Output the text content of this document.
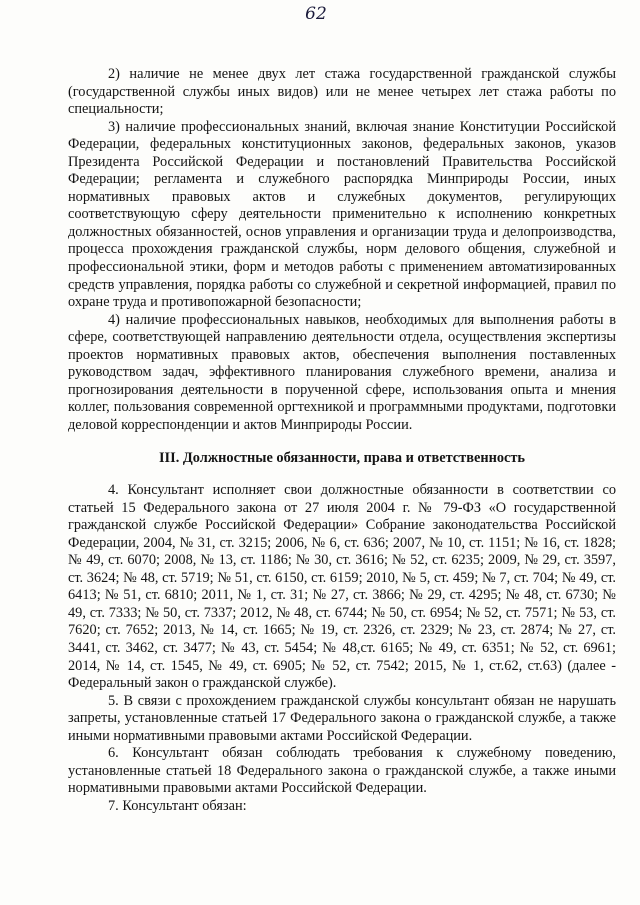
62

2) наличие не менее двух лет стажа государственной гражданской службы (государственной службы иных видов) или не менее четырех лет стажа работы по специальности;

3) наличие профессиональных знаний, включая знание Конституции Российской Федерации, федеральных конституционных законов, федеральных законов, указов Президента Российской Федерации и постановлений Правительства Российской Федерации; регламента и служебного распорядка Минприроды России, иных нормативных правовых актов и служебных документов, регулирующих соответствующую сферу деятельности применительно к исполнению конкретных должностных обязанностей, основ управления и организации труда и делопроизводства, процесса прохождения гражданской службы, норм делового общения, служебной и профессиональной этики, форм и методов работы с применением автоматизированных средств управления, порядка работы со служебной и секретной информацией, правил по охране труда и противопожарной безопасности;

4) наличие профессиональных навыков, необходимых для выполнения работы в сфере, соответствующей направлению деятельности отдела, осуществления экспертизы проектов нормативных правовых актов, обеспечения выполнения поставленных руководством задач, эффективного планирования служебного времени, анализа и прогнозирования деятельности в порученной сфере, использования опыта и мнения коллег, пользования современной оргтехникой и программными продуктами, подготовки деловой корреспонденции и актов Минприроды России.

III. Должностные обязанности, права и ответственность

4. Консультант исполняет свои должностные обязанности в соответствии со статьей 15 Федерального закона от 27 июля 2004 г. № 79-ФЗ «О государственной гражданской службе Российской Федерации» Собрание законодательства Российской Федерации, 2004, № 31, ст. 3215; 2006, № 6, ст. 636; 2007, № 10, ст. 1151; № 16, ст. 1828; № 49, ст. 6070; 2008, № 13, ст. 1186; № 30, ст. 3616; № 52, ст. 6235; 2009, № 29, ст. 3597, ст. 3624; № 48, ст. 5719; № 51, ст. 6150, ст. 6159; 2010, № 5, ст. 459; № 7, ст. 704; № 49, ст. 6413; № 51, ст. 6810; 2011, № 1, ст. 31; № 27, ст. 3866; № 29, ст. 4295; № 48, ст. 6730; № 49, ст. 7333; № 50, ст. 7337; 2012, № 48, ст. 6744; № 50, ст. 6954; № 52, ст. 7571; № 53, ст. 7620; ст. 7652; 2013, № 14, ст. 1665; № 19, ст. 2326, ст. 2329; № 23, ст. 2874; № 27, ст. 3441, ст. 3462, ст. 3477; № 43, ст. 5454; № 48,ст. 6165; № 49, ст. 6351; № 52, ст. 6961; 2014, № 14, ст. 1545, № 49, ст. 6905; № 52, ст. 7542; 2015, № 1, ст.62, ст.63) (далее - Федеральный закон о гражданской службе).

5. В связи с прохождением гражданской службы консультант обязан не нарушать запреты, установленные статьей 17 Федерального закона о гражданской службе, а также иными нормативными правовыми актами Российской Федерации.

6. Консультант обязан соблюдать требования к служебному поведению, установленные статьей 18 Федерального закона о гражданской службе, а также иными нормативными правовыми актами Российской Федерации.

7. Консультант обязан:
